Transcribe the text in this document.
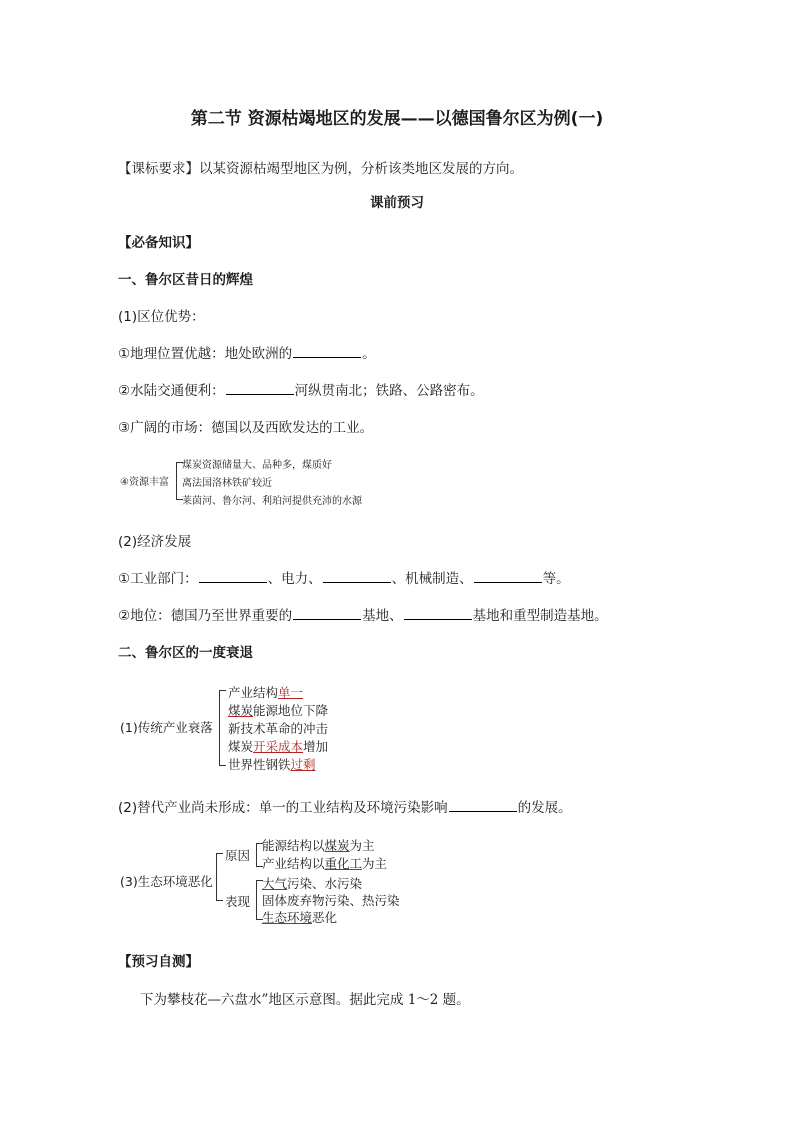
第二节 资源枯竭地区的发展——以德国鲁尔区为例(一)
【课标要求】以某资源枯竭型地区为例，分析该类地区发展的方向。
课前预习
【必备知识】
一、鲁尔区昔日的辉煌
(1)区位优势：
①地理位置优越：地处欧洲的	。
②水陆交通便利：	河纵贯南北；铁路、公路密布。
③广阔的市场：德国以及西欧发达的工业。
④资源丰富
煤炭资源储量大、品种多，煤质好
离法国洛林铁矿较近
莱茵河、鲁尔河、利珀河提供充沛的水源
(2)经济发展
①工业部门：	、电力、	、机械制造、	等。
②地位：德国乃至世界重要的	基地、	基地和重型制造基地。
二、鲁尔区的一度衰退
(1)传统产业衰落
产业结构单一
煤炭能源地位下降
新技术革命的冲击
煤炭开采成本增加
世界性钢铁过剩
(2)替代产业尚未形成：单一的工业结构及环境污染影响	的发展。
(3)生态环境恶化
原因
能源结构以煤炭为主
产业结构以重化工为主
表现
大气污染、水污染
固体废弃物污染、热污染
生态环境恶化
【预习自测】
下为攀枝花—六盘水”地区示意图。据此完成 1～2 题。
